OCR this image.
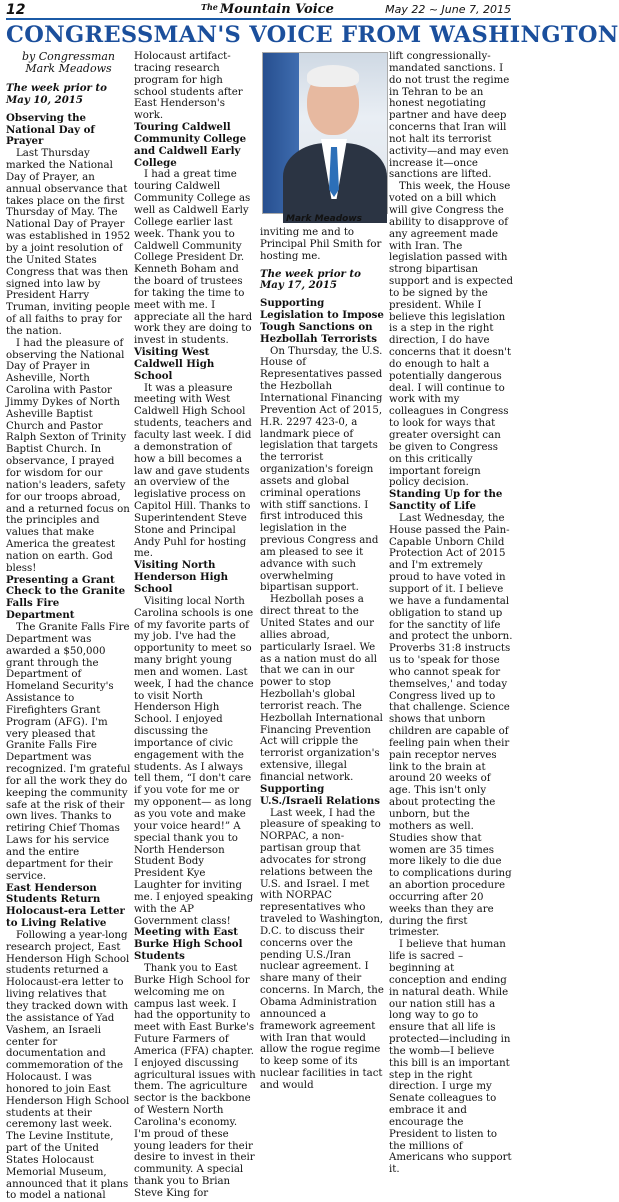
12	$^{The}$ Mountain Voice	May 22 ~ June 7, 2015
CONGRESSMAN'S VOICE FROM WASHINGTON
by Congressman
Mark Meadows
The week prior to May 10, 2015
Observing the National Day of Prayer

Last Thursday marked the National Day of Prayer, an annual observance that takes place on the first Thursday of May. The National Day of Prayer was established in 1952 by a joint resolution of the United States Congress that was then signed into law by President Harry Truman, inviting people of all faiths to pray for the nation.

I had the pleasure of observing the National Day of Prayer in Asheville, North Carolina with Pastor Jimmy Dykes of North Asheville Baptist Church and Pastor Ralph Sexton of Trinity Baptist Church. In observance, I prayed for wisdom for our nation's leaders, safety for our troops abroad, and a returned focus on the principles and values that make America the greatest nation on earth. God bless!

Presenting a Grant Check to the Granite Falls Fire Department

The Granite Falls Fire Department was awarded a $50,000 grant through the Department of Homeland Security's Assistance to Firefighters Grant Program (AFG). I'm very pleased that Granite Falls Fire Department was recognized. I'm grateful for all the work they do keeping the community safe at the risk of their own lives. Thanks to retiring Chief Thomas Laws for his service and the entire department for their service.

East Henderson Students Return Holocaust-era Letter to Living Relative

Following a year-long research project, East Henderson High School students returned a Holocaust-era letter to living relatives that they tracked down with the assistance of Yad Vashem, an Israeli center for documentation and commemoration of the Holocaust. I was honored to join East Henderson High School students at their ceremony last week. The Levine Institute, part of the United States Holocaust Memorial Museum, announced that it plans to model a national

Holocaust artifact-tracing research program for high school students after East Henderson's work.

Touring Caldwell Community College and Caldwell Early College

I had a great time touring Caldwell Community College as well as Caldwell Early College earlier last week. Thank you to Caldwell Community College President Dr. Kenneth Boham and the board of trustees for taking the time to meet with me. I appreciate all the hard work they are doing to invest in students.

Visiting West Caldwell High School

It was a pleasure meeting with West Caldwell High School students, teachers and faculty last week. I did a demonstration of how a bill becomes a law and gave students an overview of the legislative process on Capitol Hill. Thanks to Superintendent Steve Stone and Principal Andy Puhl for hosting me.

Visiting North Henderson High School

Visiting local North Carolina schools is one of my favorite parts of my job. I've had the opportunity to meet so many bright young men and women. Last week, I had the chance to visit North Henderson High School. I enjoyed discussing the importance of civic engagement with the students. As I always tell them, “I don't care if you vote for me or my opponent— as long as you vote and make your voice heard!” A special thank you to North Henderson Student Body President Kye Laughter for inviting me. I enjoyed speaking with the AP Government class!

Meeting with East Burke High School Students

Thank you to East Burke High School for welcoming me on campus last week. I had the opportunity to meet with East Burke's Future Farmers of America (FFA) chapter. I enjoyed discussing agricultural issues with them. The agriculture sector is the backbone of Western North Carolina's economy. I'm proud of these young leaders for their desire to invest in their community. A special thank you to Brian Steve King for

Mark Meadows

inviting me and to Principal Phil Smith for hosting me.

The week prior to May 17, 2015
Supporting Legislation to Impose Tough Sanctions on Hezbollah Terrorists

On Thursday, the U.S. House of Representatives passed the Hezbollah International Financing Prevention Act of 2015, H.R. 2297 423-0, a landmark piece of legislation that targets the terrorist organization's foreign assets and global criminal operations with stiff sanctions. I first introduced this legislation in the previous Congress and am pleased to see it advance with such overwhelming bipartisan support.

Hezbollah poses a direct threat to the United States and our allies abroad, particularly Israel. We as a nation must do all that we can in our power to stop Hezbollah's global terrorist reach. The Hezbollah International Financing Prevention Act will cripple the terrorist organization's extensive, illegal financial network.

Supporting U.S./Israeli Relations

Last week, I had the pleasure of speaking to NORPAC, a non-partisan group that advocates for strong relations between the U.S. and Israel. I met with NORPAC representatives who traveled to Washington, D.C. to discuss their concerns over the pending U.S./Iran nuclear agreement. I share many of their concerns. In March, the Obama Administration announced a framework agreement with Iran that would allow the rogue regime to keep some of its nuclear facilities in tact and would

lift congressionally-mandated sanctions. I do not trust the regime in Tehran to be an honest negotiating partner and have deep concerns that Iran will not halt its terrorist activity—and may even increase it—once sanctions are lifted.

This week, the House voted on a bill which will give Congress the ability to disapprove of any agreement made with Iran. The legislation passed with strong bipartisan support and is expected to be signed by the president. While I believe this legislation is a step in the right direction, I do have concerns that it doesn't do enough to halt a potentially dangerous deal. I will continue to work with my colleagues in Congress to look for ways that greater oversight can be given to Congress on this critically important foreign policy decision.

Standing Up for the Sanctity of Life

Last Wednesday, the House passed the Pain-Capable Unborn Child Protection Act of 2015 and I'm extremely proud to have voted in support of it. I believe we have a fundamental obligation to stand up for the sanctity of life and protect the unborn. Proverbs 31:8 instructs us to 'speak for those who cannot speak for themselves,' and today Congress lived up to that challenge. Science shows that unborn children are capable of feeling pain when their pain receptor nerves link to the brain at around 20 weeks of age. This isn't only about protecting the unborn, but the mothers as well. Studies show that women are 35 times more likely to die due to complications during an abortion procedure occurring after 20 weeks than they are during the first trimester.

I believe that human life is sacred – beginning at conception and ending in natural death. While our nation still has a long way to go to ensure that all life is protected—including in the womb—I believe this bill is an important step in the right direction. I urge my Senate colleagues to embrace it and encourage the President to listen to the millions of Americans who support it.
